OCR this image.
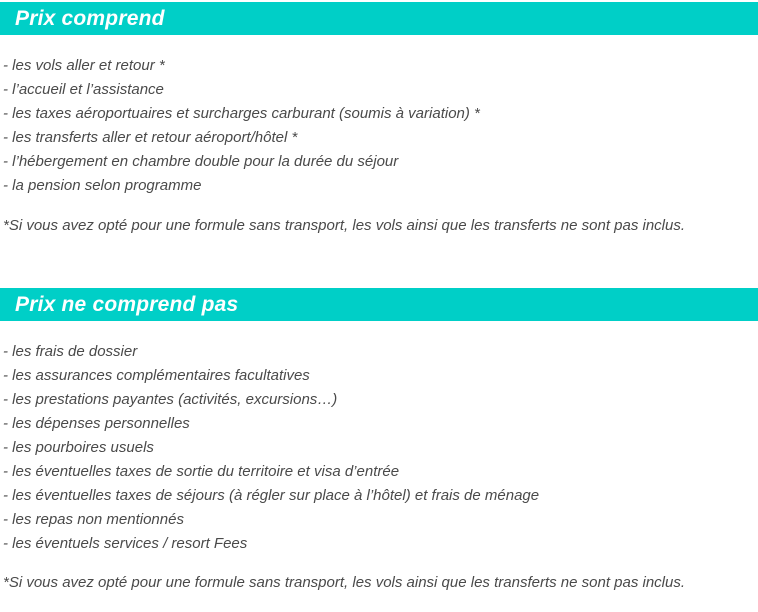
Prix comprend
- les vols aller et retour *
- l’accueil et l’assistance
- les taxes aéroportuaires et surcharges carburant (soumis à variation) *
- les transferts aller et retour aéroport/hôtel *
- l’hébergement en chambre double pour la durée du séjour
- la pension selon programme

*Si vous avez opté pour une formule sans transport, les vols ainsi que les transferts ne sont pas inclus.

Prix ne comprend pas
- les frais de dossier
- les assurances complémentaires facultatives
- les prestations payantes (activités, excursions…)
- les dépenses personnelles
- les pourboires usuels
- les éventuelles taxes de sortie du territoire et visa d’entrée
- les éventuelles taxes de séjours (à régler sur place à l’hôtel) et frais de ménage
- les repas non mentionnés
- les éventuels services / resort Fees

*Si vous avez opté pour une formule sans transport, les vols ainsi que les transferts ne sont pas inclus.
